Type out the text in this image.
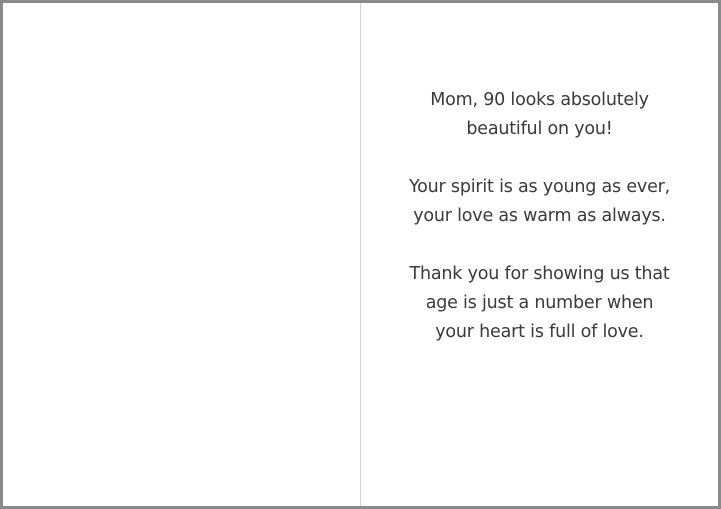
Mom, 90 looks absolutely
beautiful on you!

Your spirit is as young as ever,
your love as warm as always.

Thank you for showing us that
age is just a number when
your heart is full of love.
